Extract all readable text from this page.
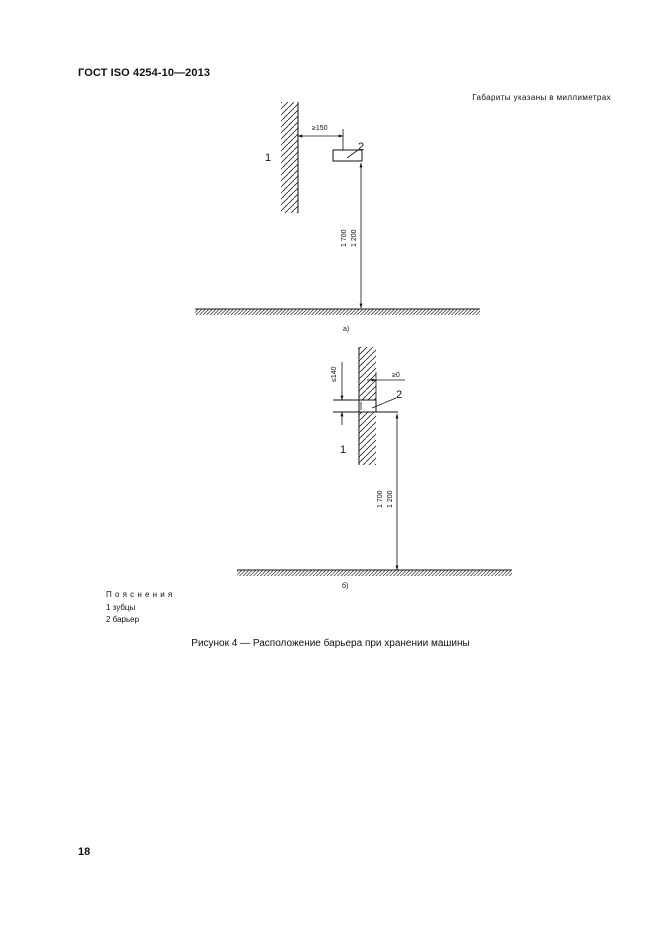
ГОСТ ISO 4254-10—2013
Габариты указаны в миллиметрах
1
≥150
2
1 700 1 200
а)
1
≤140	≥0
2
1 700 1 200
б)
Пояснения
1 зубцы
2 барьер
Рисунок 4 — Расположение барьера при хранении машины
18
